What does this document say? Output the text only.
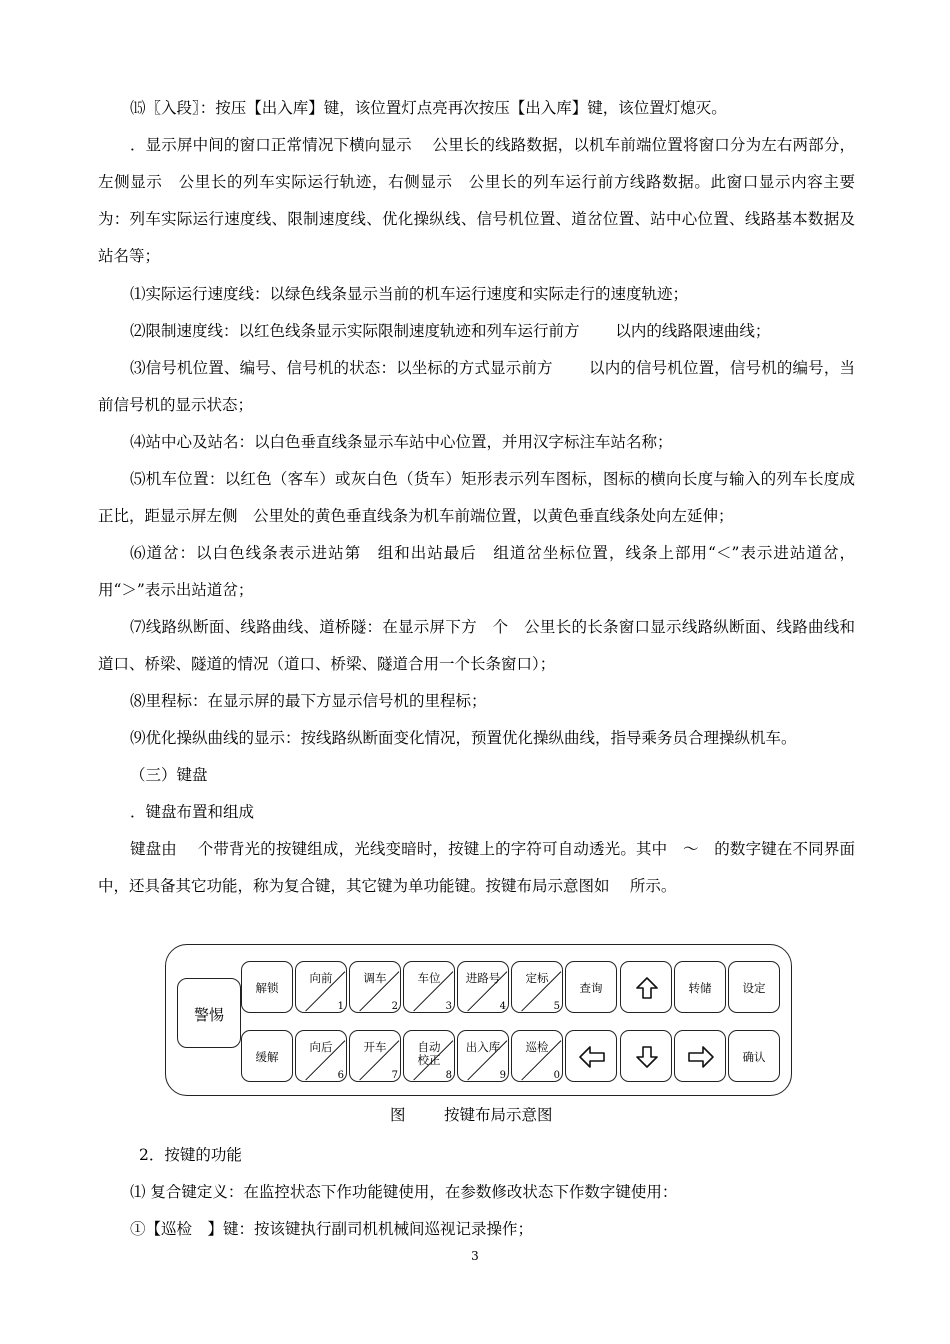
⒂〖入段〗：按压【出入库】键，该位置灯点亮再次按压【出入库】键，该位置灯熄灭。

．显示屏中间的窗口正常情况下横向显示　 公里长的线路数据，以机车前端位置将窗口分为左右两部分，左侧显示　公里长的列车实际运行轨迹，右侧显示　公里长的列车运行前方线路数据。此窗口显示内容主要为：列车实际运行速度线、限制速度线、优化操纵线、信号机位置、道岔位置、站中心位置、线路基本数据及站名等；

⑴实际运行速度线：以绿色线条显示当前的机车运行速度和实际走行的速度轨迹；

⑵限制速度线：以红色线条显示实际限制速度轨迹和列车运行前方　　 以内的线路限速曲线；

⑶信号机位置、编号、信号机的状态：以坐标的方式显示前方　　 以内的信号机位置，信号机的编号，当前信号机的显示状态；

⑷站中心及站名：以白色垂直线条显示车站中心位置，并用汉字标注车站名称；

⑸机车位置：以红色（客车）或灰白色（货车）矩形表示列车图标，图标的横向长度与输入的列车长度成正比，距显示屏左侧　公里处的黄色垂直线条为机车前端位置，以黄色垂直线条处向左延伸；

⑹道岔：以白色线条表示进站第　组和出站最后　组道岔坐标位置，线条上部用“＜”表示进站道岔，用“＞”表示出站道岔；

⑺线路纵断面、线路曲线、道桥隧：在显示屏下方　个　公里长的长条窗口显示线路纵断面、线路曲线和道口、桥梁、隧道的情况（道口、桥梁、隧道合用一个长条窗口）；

⑻里程标：在显示屏的最下方显示信号机的里程标；

⑼优化操纵曲线的显示：按线路纵断面变化情况，预置优化操纵曲线，指导乘务员合理操纵机车。

（三）键盘

．键盘布置和组成

键盘由　 个带背光的按键组成，光线变暗时，按键上的字符可自动透光。其中　～　的数字键在不同界面中，还具备其它功能，称为复合键，其它键为单功能键。按键布局示意图如　 所示。

警惕
解锁
向前
1
调车
2
车位
3
进路号
4
定标
5
查询	转储	设定
缓解
向后
6
开车
7
自动
校正
8
出入库
9
巡检
0
确认
图 按键布局示意图

2．按键的功能

⑴ 复合键定义：在监控状态下作功能键使用，在参数修改状态下作数字键使用：

①【巡检　】键：按该键执行副司机机械间巡视记录操作；

3
